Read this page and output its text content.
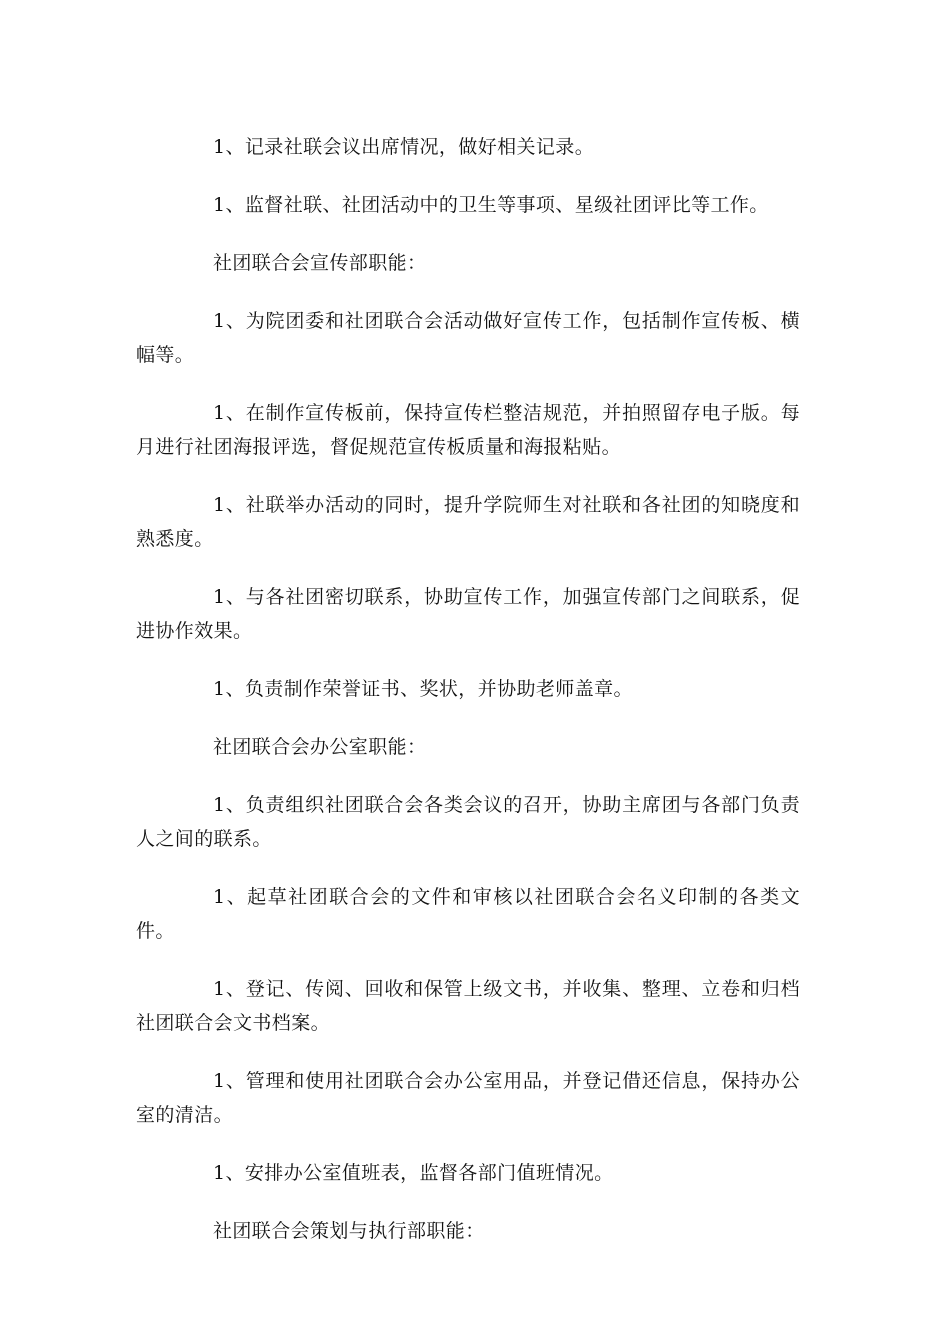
1、记录社联会议出席情况，做好相关记录。

1、监督社联、社团活动中的卫生等事项、星级社团评比等工作。

社团联合会宣传部职能：

1、为院团委和社团联合会活动做好宣传工作，包括制作宣传板、横幅等。

1、在制作宣传板前，保持宣传栏整洁规范，并拍照留存电子版。每月进行社团海报评选，督促规范宣传板质量和海报粘贴。

1、社联举办活动的同时，提升学院师生对社联和各社团的知晓度和熟悉度。

1、与各社团密切联系，协助宣传工作，加强宣传部门之间联系，促进协作效果。

1、负责制作荣誉证书、奖状，并协助老师盖章。

社团联合会办公室职能：

1、负责组织社团联合会各类会议的召开，协助主席团与各部门负责人之间的联系。

1、起草社团联合会的文件和审核以社团联合会名义印制的各类文件。

1、登记、传阅、回收和保管上级文书，并收集、整理、立卷和归档社团联合会文书档案。

1、管理和使用社团联合会办公室用品，并登记借还信息，保持办公室的清洁。

1、安排办公室值班表，监督各部门值班情况。

社团联合会策划与执行部职能：
